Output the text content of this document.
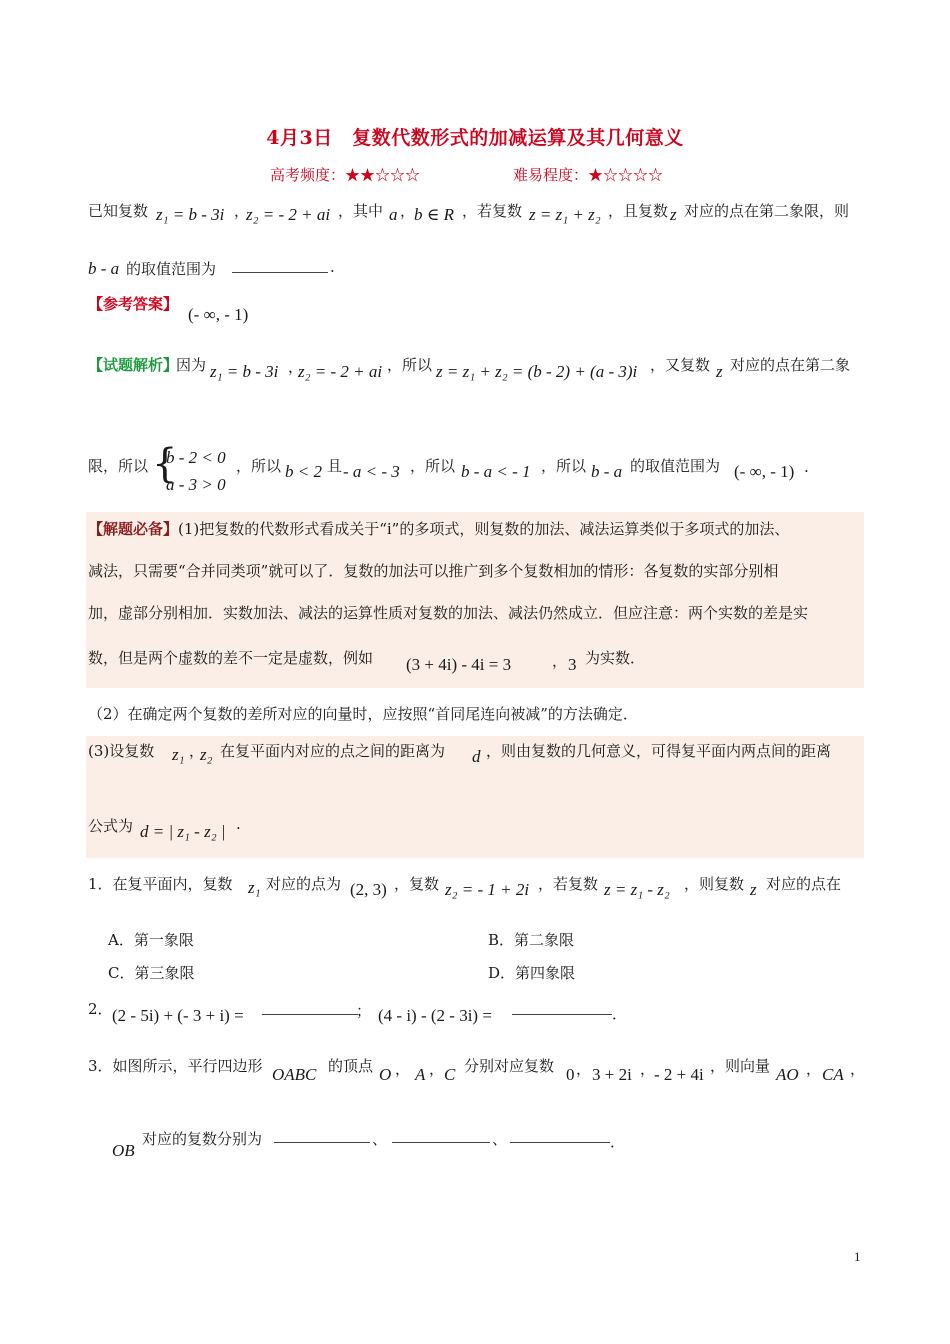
4月3日　复数代数形式的加减运算及其几何意义
高考频度：★★☆☆☆	难易程度：★☆☆☆☆
已知复数 z₁ = b - 3i ，
z₂ = - 2 + ai ，其中 a ，
b ∈ R ，若复数 z = z₁ + z₂ ，且复数 z 对应的点在第二象限，则
b - a 的取值范围为	.
【参考答案】
(- ∞, - 1)
【试题解析】
因为 z₁ = b - 3i ，
z₂ = - 2 + ai ，所以 z = z₁ + z₂ = (b - 2) + (a - 3)i ，又复数 z 对应的点在第二象
限，所以 {
b - 2 < 0
a - 3 > 0
，所以 b < 2 且 - a < - 3 ，所以 b - a < - 1 ，所以 b - a 的取值范围为 (- ∞, - 1) .
【解题必备】(1)把复数的代数形式看成关于“i”的多项式，则复数的加法、减法运算类似于多项式的加法、
减法，只需要“合并同类项”就可以了．复数的加法可以推广到多个复数相加的情形：各复数的实部分别相
加，虚部分别相加．实数加法、减法的运算性质对复数的加法、减法仍然成立．但应注意：两个实数的差是实
数，但是两个虚数的差不一定是虚数，例如 (3 + 4i) - 4i = 3	， 3 为实数．
（2）在确定两个复数的差所对应的向量时，应按照“首同尾连向被减”的方法确定．
(3)设复数 z₁ ，
z₂ 在复平面内对应的点之间的距离为 d ，则由复数的几何意义，可得复平面内两点间的距离
公式为 d = | z₁ - z₂ | .
1．在复平面内，复数 z₁ 对应的点为 (2, 3) ，复数 z₂ = - 1 + 2i ，若复数 z = z₁ - z₂ ，则复数 z 对应的点在
A．第一象限	B．第二象限
C．第三象限	D．第四象限
2． (2 - 5i) + (- 3 + i) =	； (4 - i) - (2 - 3i) =	．
3．如图所示，平行四边形 OABC 的顶点 O ， A ， C 分别对应复数 0 ， 3 + 2i ，
- 2 + 4i ，则向量 AO ， CA ，
OB
对应的复数分别为	、	、	．
1
